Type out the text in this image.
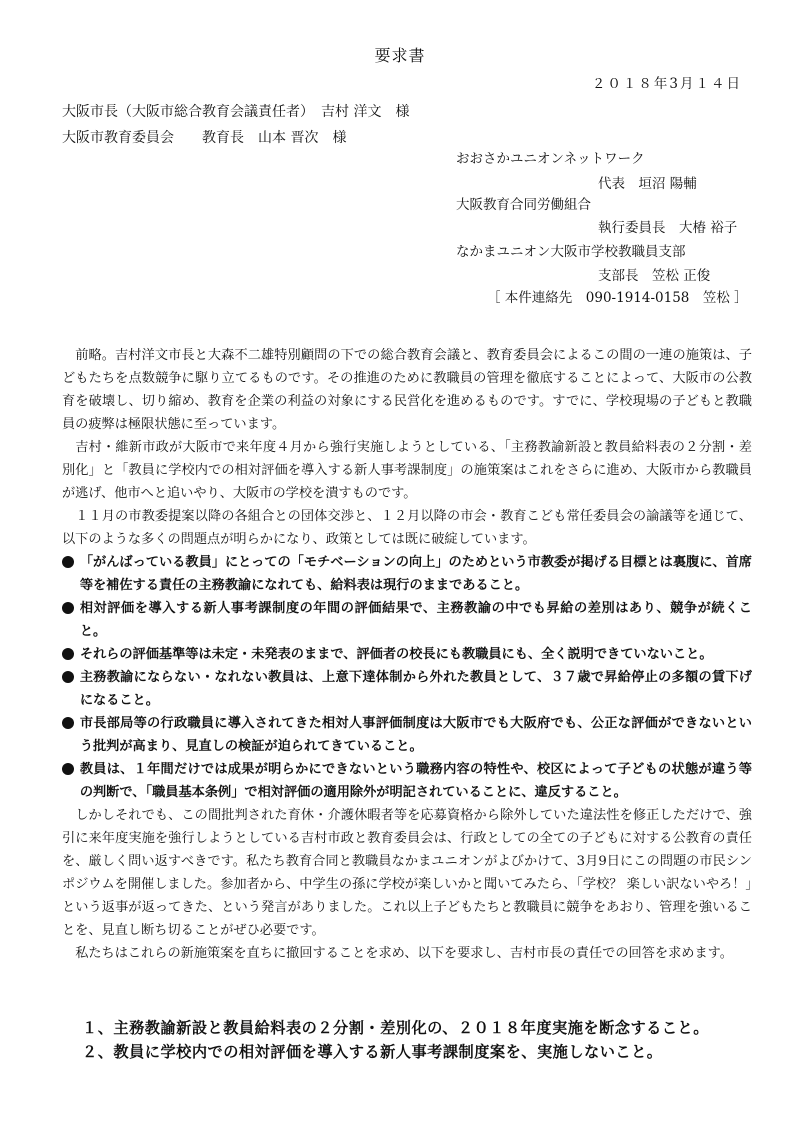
要求書
２０１８年3月１４日
大阪市長（大阪市総合教育会議責任者）　吉村 洋文　様
大阪市教育委員会　　教育長　山本 晋次　様
おおさかユニオンネットワーク
代表　垣沼 陽輔
大阪教育合同労働組合
執行委員長　大椿 裕子
なかまユニオン大阪市学校教職員支部
支部長　笠松 正俊
［ 本件連絡先　090-1914-0158　笠松 ］

前略。吉村洋文市長と大森不二雄特別顧問の下での総合教育会議と、教育委員会によるこの間の一連の施策は、子どもたちを点数競争に駆り立てるものです。その推進のために教職員の管理を徹底することによって、大阪市の公教育を破壊し、切り縮め、教育を企業の利益の対象にする民営化を進めるものです。すでに、学校現場の子どもと教職員の疲弊は極限状態に至っています。

吉村・維新市政が大阪市で来年度４月から強行実施しようとしている、「主務教諭新設と教員給料表の２分割・差別化」と「教員に学校内での相対評価を導入する新人事考課制度」の施策案はこれをさらに進め、大阪市から教職員が逃げ、他市へと追いやり、大阪市の学校を潰すものです。

１１月の市教委提案以降の各組合との団体交渉と、１２月以降の市会・教育こども常任委員会の論議等を通じて、以下のような多くの問題点が明らかになり、政策としては既に破綻しています。

「がんばっている教員」にとっての「モチベーションの向上」のためという市教委が掲げる目標とは裏腹に、首席等を補佐する責任の主務教諭になれても、給料表は現行のままであること。
相対評価を導入する新人事考課制度の年間の評価結果で、主務教諭の中でも昇給の差別はあり、競争が続くこと。
それらの評価基準等は未定・未発表のままで、評価者の校長にも教職員にも、全く説明できていないこと。
主務教諭にならない・なれない教員は、上意下達体制から外れた教員として、３７歳で昇給停止の多額の賃下げになること。
市長部局等の行政職員に導入されてきた相対人事評価制度は大阪市でも大阪府でも、公正な評価ができないという批判が高まり、見直しの検証が迫られてきていること。
教員は、１年間だけでは成果が明らかにできないという職務内容の特性や、校区によって子どもの状態が違う等の判断で、「職員基本条例」で相対評価の適用除外が明記されていることに、違反すること。

しかしそれでも、この間批判された育休・介護休暇者等を応募資格から除外していた違法性を修正しただけで、強引に来年度実施を強行しようとしている吉村市政と教育委員会は、行政としての全ての子どもに対する公教育の責任を、厳しく問い返すべきです。私たち教育合同と教職員なかまユニオンがよびかけて、3月9日にこの問題の市民シンポジウムを開催しました。参加者から、中学生の孫に学校が楽しいかと聞いてみたら、「学校？ 楽しい訳ないやろ！」という返事が返ってきた、という発言がありました。これ以上子どもたちと教職員に競争をあおり、管理を強いることを、見直し断ち切ることがぜひ必要です。

私たちはこれらの新施策案を直ちに撤回することを求め、以下を要求し、吉村市長の責任での回答を求めます。

１、主務教諭新設と教員給料表の２分割・差別化の、２０１８年度実施を断念すること。
２、教員に学校内での相対評価を導入する新人事考課制度案を、実施しないこと。
